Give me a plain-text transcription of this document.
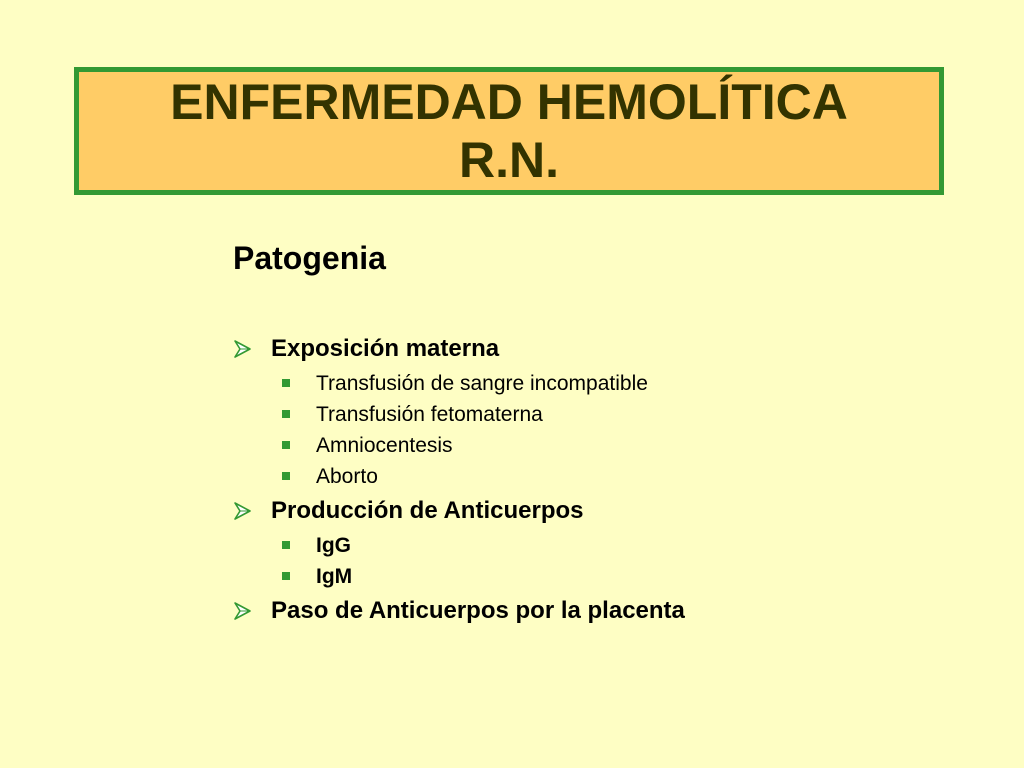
ENFERMEDAD HEMOLÍTICA
R.N.
Patogenia
Exposición materna
Transfusión de sangre incompatible
Transfusión fetomaterna
Amniocentesis
Aborto
Producción de Anticuerpos
IgG
IgM
Paso de Anticuerpos por la placenta
